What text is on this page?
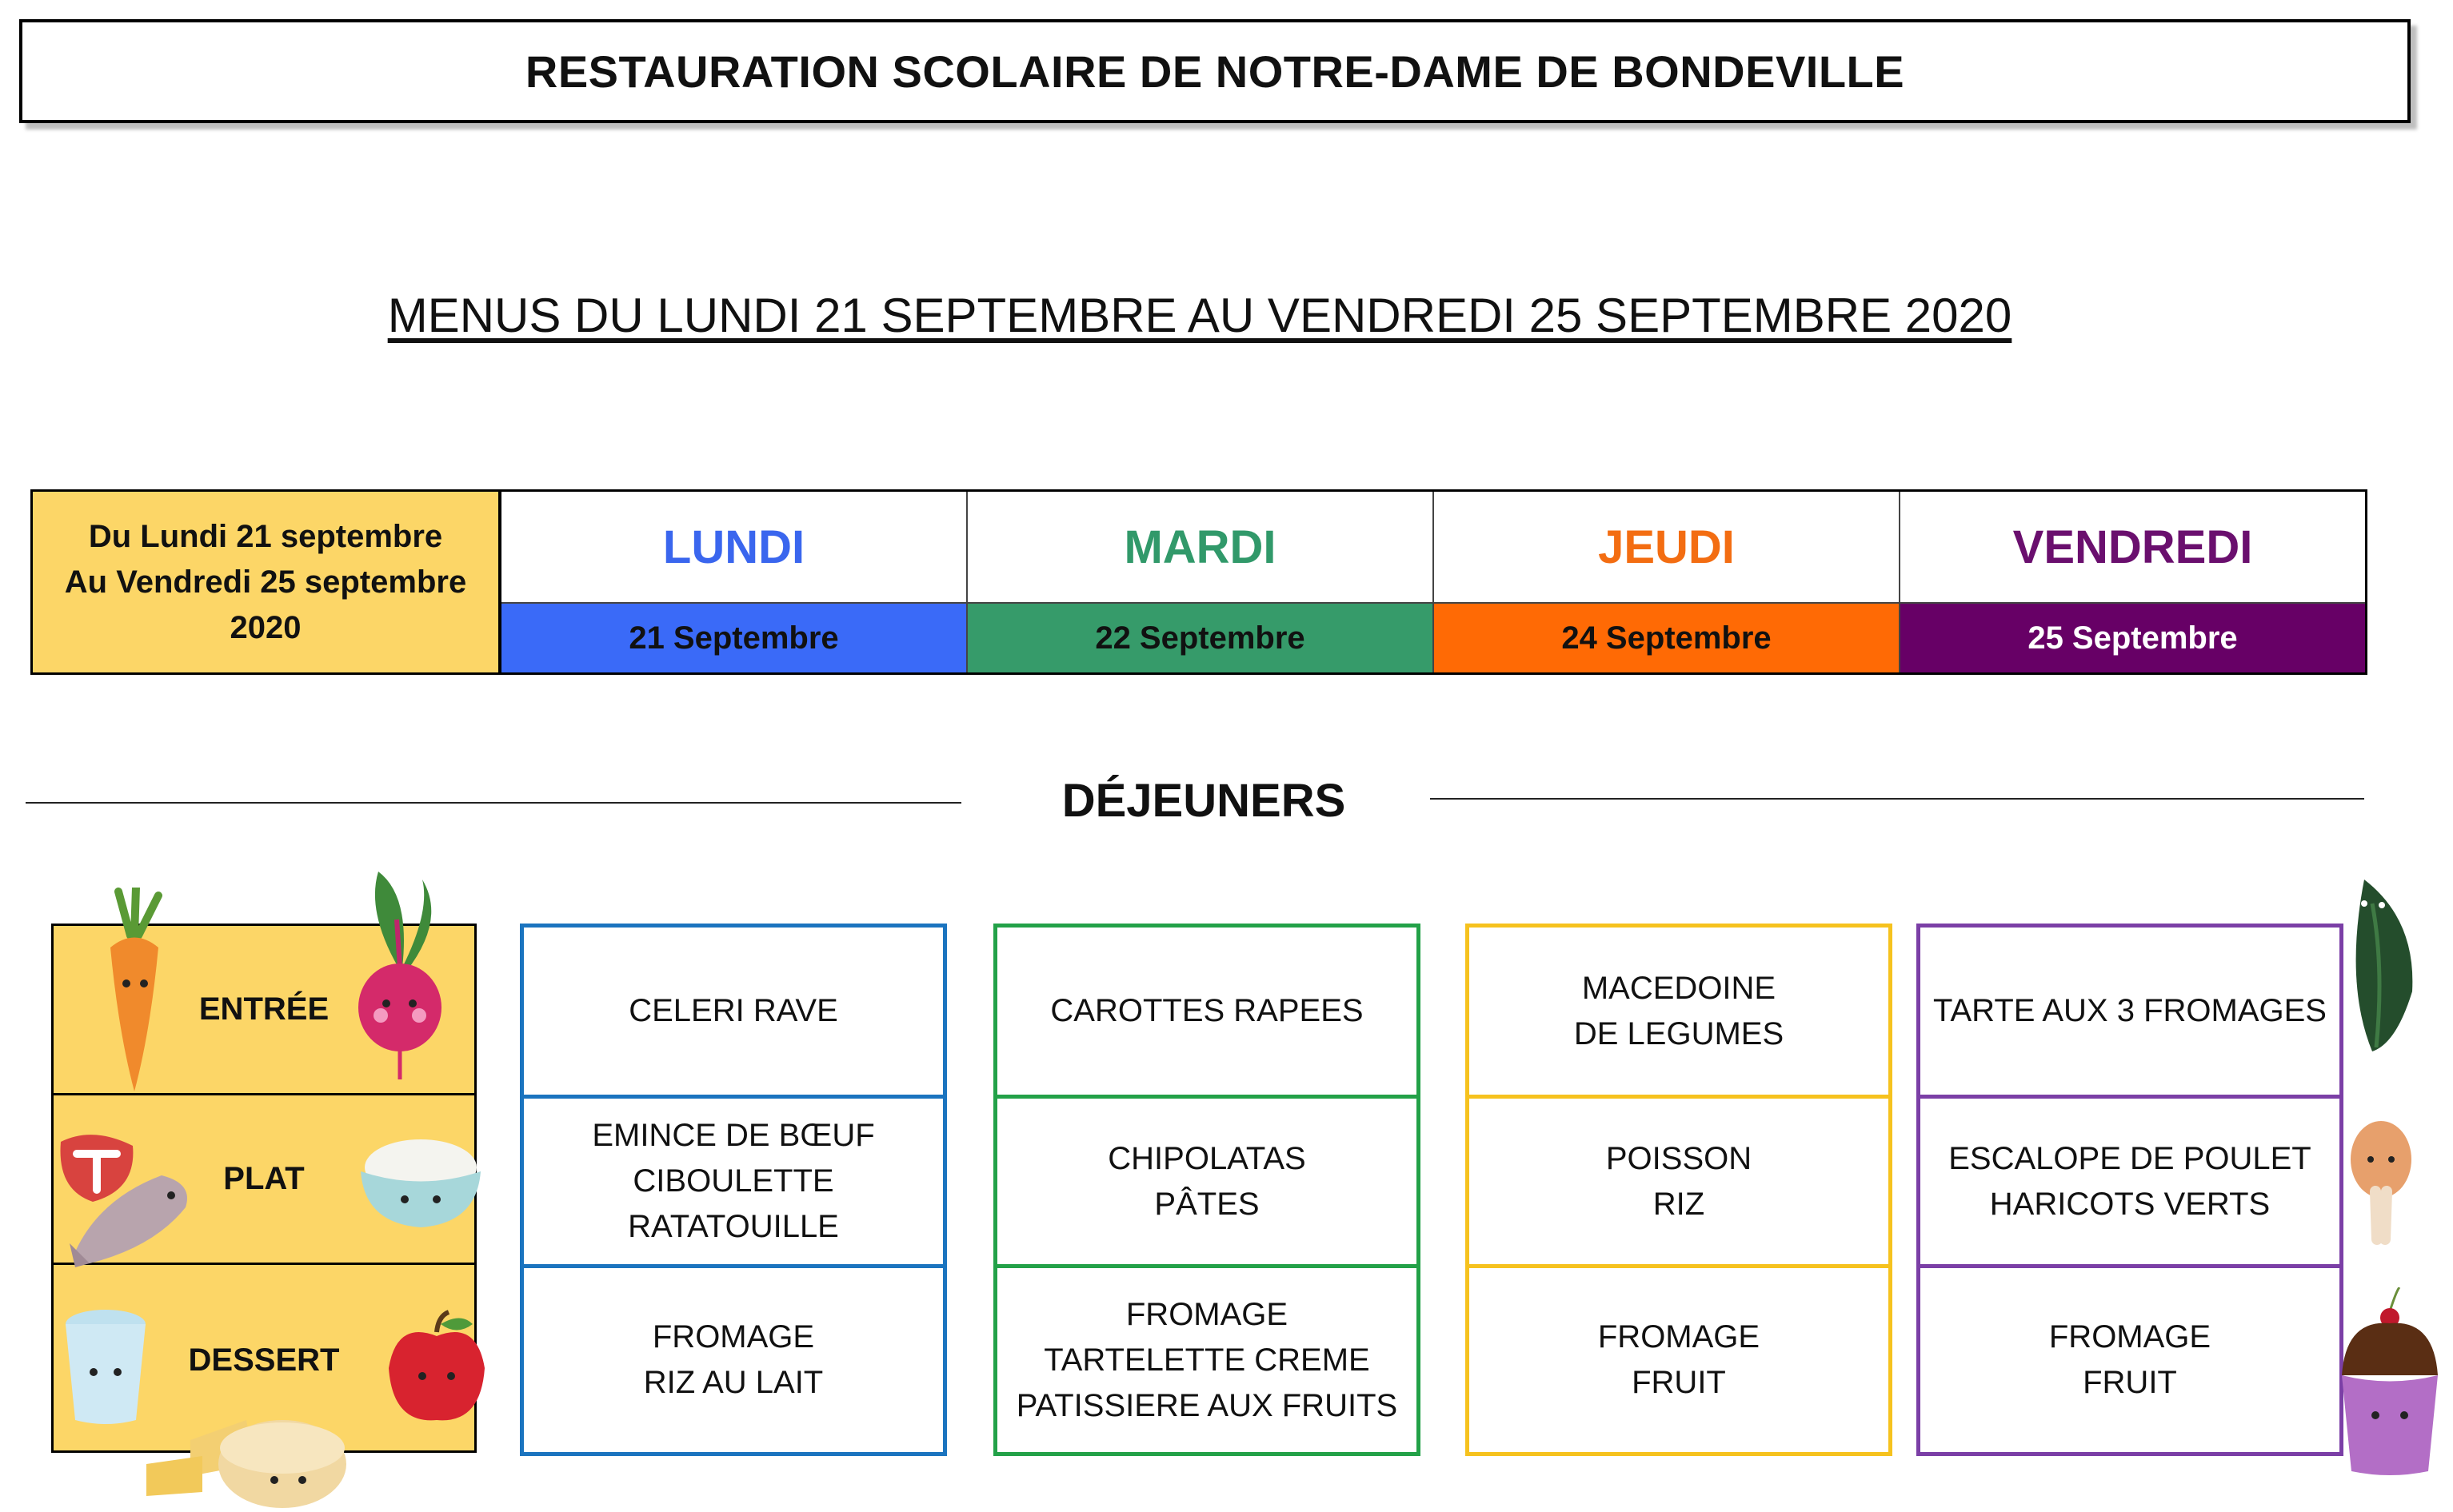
RESTAURATION SCOLAIRE DE NOTRE-DAME DE BONDEVILLE
MENUS DU LUNDI 21 SEPTEMBRE AU VENDREDI 25 SEPTEMBRE 2020
Du Lundi 21 septembre
Au Vendredi 25 septembre
2020
LUNDI
21 Septembre
MARDI
22 Septembre
JEUDI
24 Septembre
VENDREDI
25 Septembre
DÉJEUNERS
ENTRÉE
PLAT
DESSERT
CELERI RAVE
EMINCE DE BŒUF
CIBOULETTE
RATATOUILLE
FROMAGE
RIZ AU LAIT
CAROTTES RAPEES
CHIPOLATAS
PÂTES
FROMAGE
TARTELETTE CREME
PATISSIERE AUX FRUITS
MACEDOINE
DE LEGUMES
POISSON
RIZ
FROMAGE
FRUIT
TARTE AUX 3 FROMAGES
ESCALOPE DE POULET
HARICOTS VERTS
FROMAGE
FRUIT
